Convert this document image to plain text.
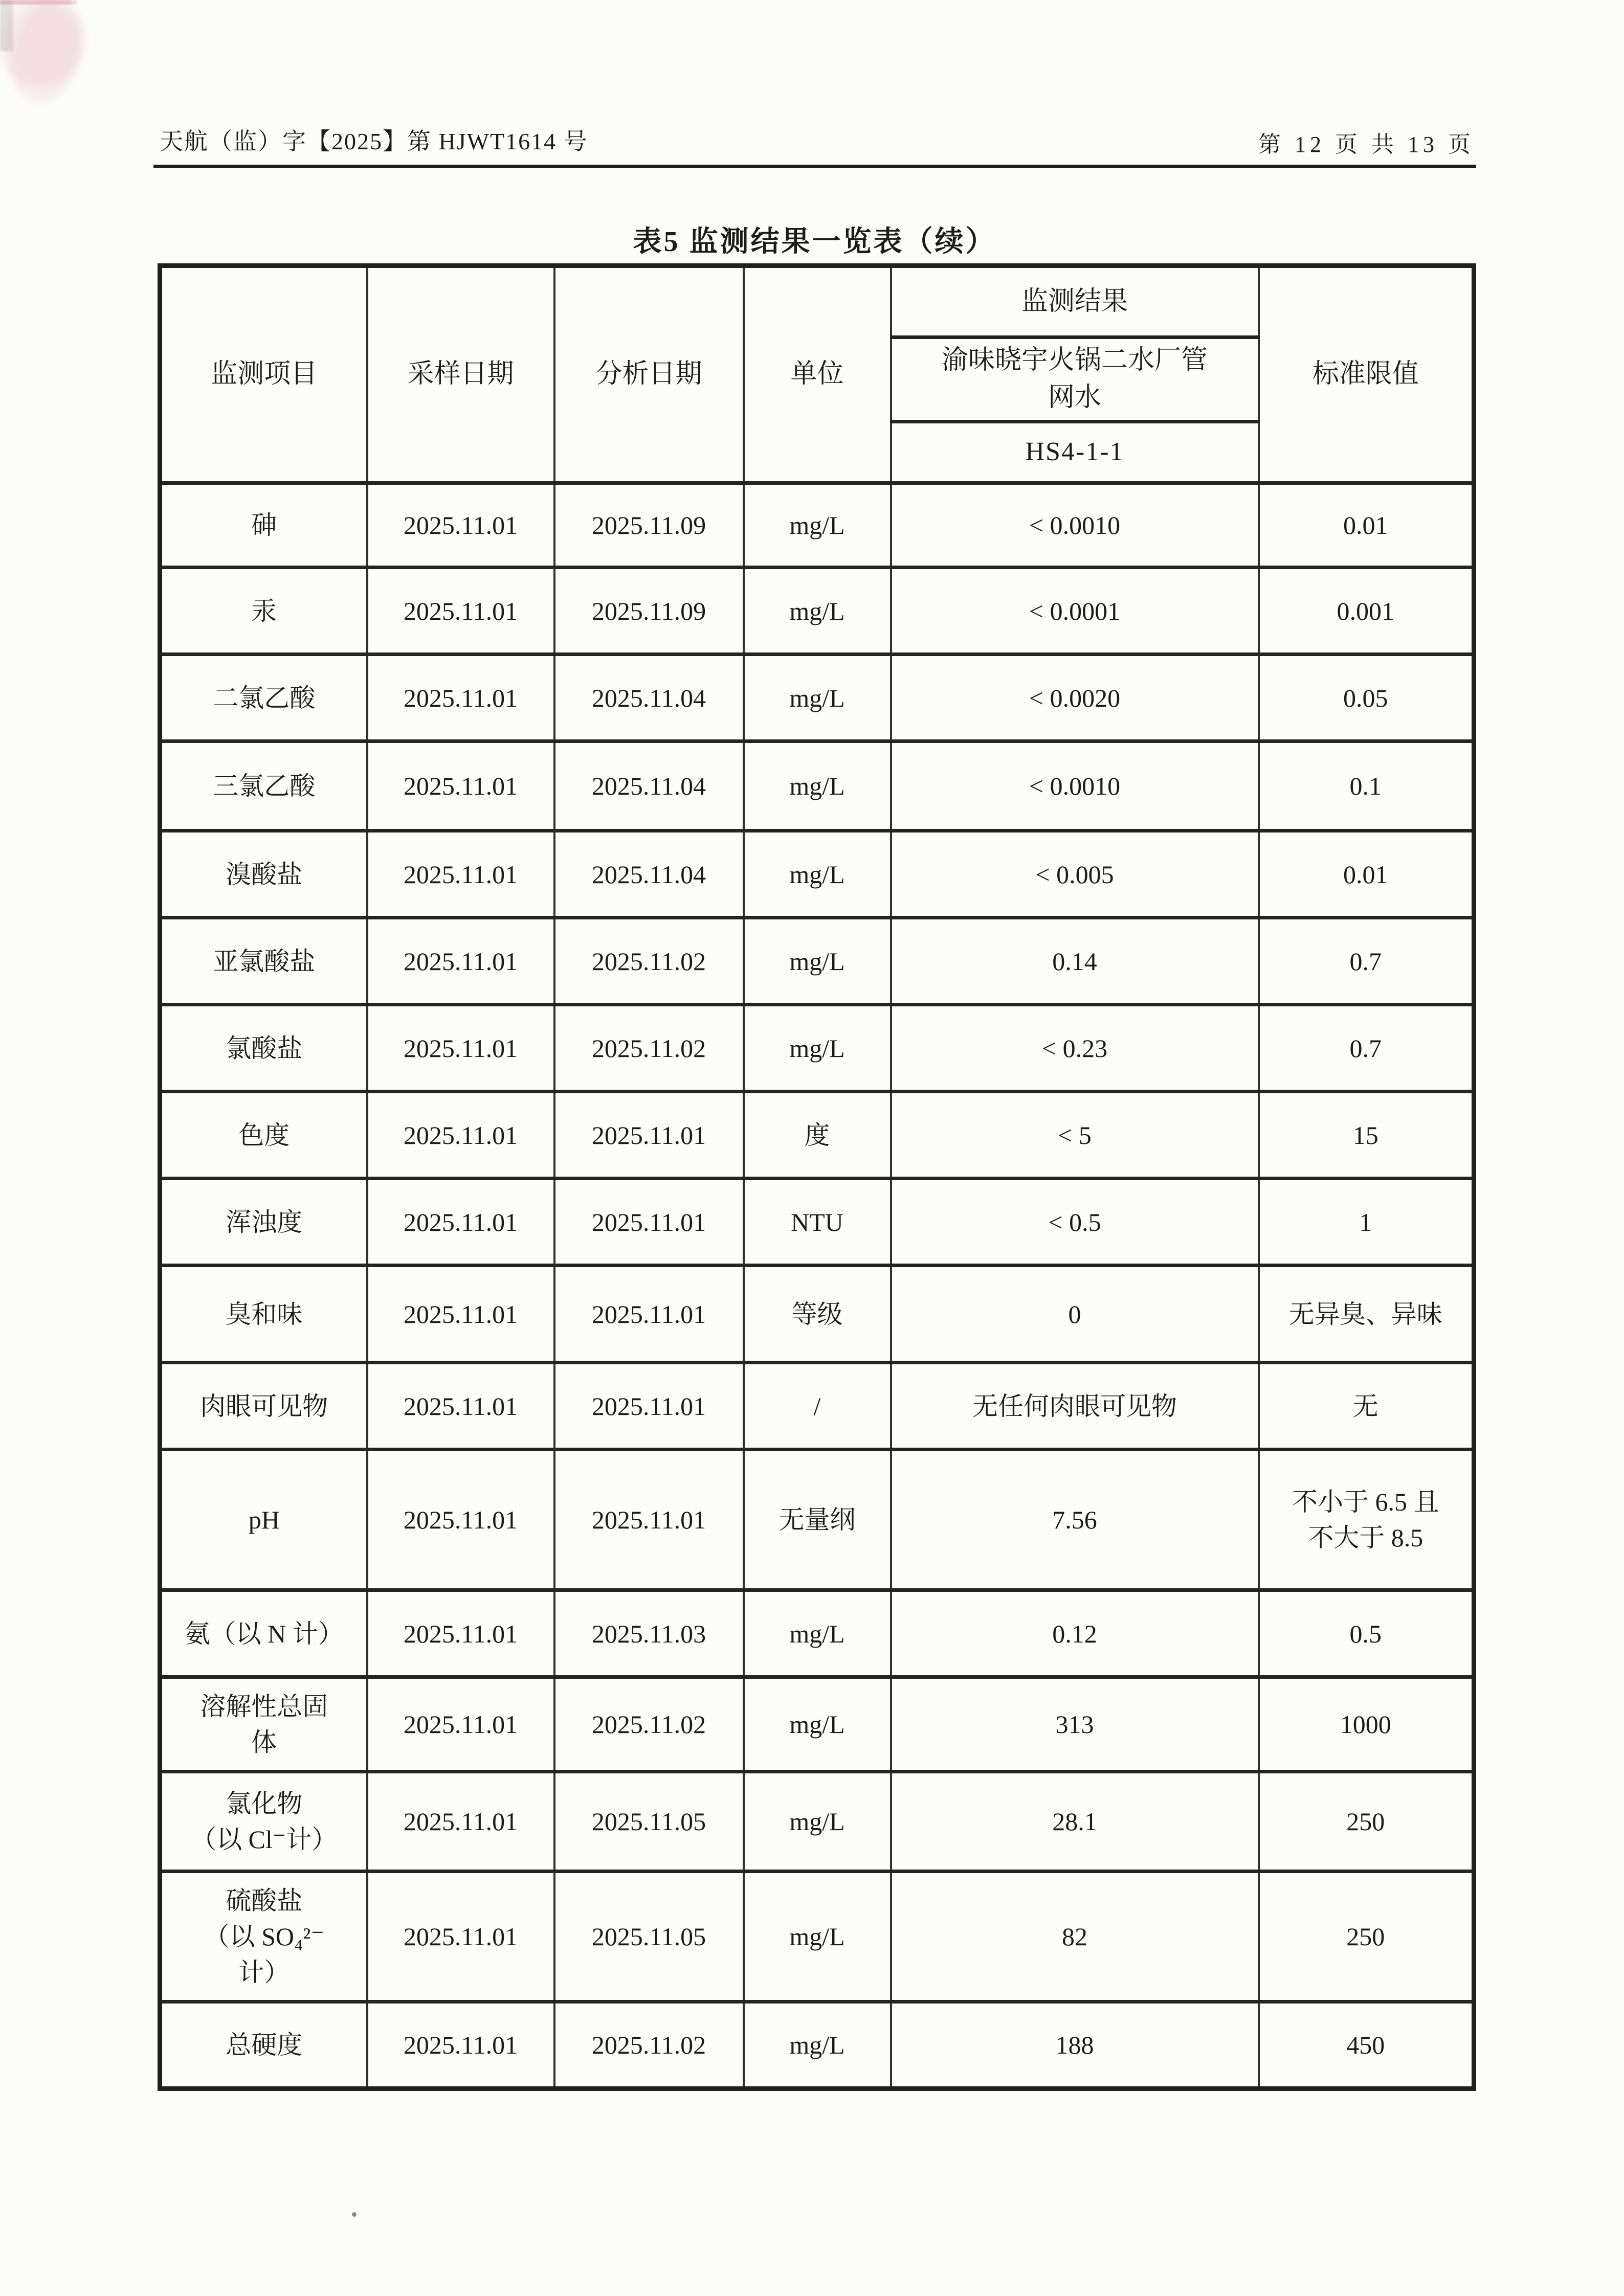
天航（监）字【2025】第 HJWT1614 号	第 12 页 共 13 页
表5 监测结果一览表（续）
监测项目	采样日期	分析日期	单位	监测结果	标准限值
				渝味晓宇火锅二水厂管
网水	
				HS4-1-1	
砷	2025.11.01	2025.11.09	mg/L	< 0.0010	0.01
汞	2025.11.01	2025.11.09	mg/L	< 0.0001	0.001
二氯乙酸	2025.11.01	2025.11.04	mg/L	< 0.0020	0.05
三氯乙酸	2025.11.01	2025.11.04	mg/L	< 0.0010	0.1
溴酸盐	2025.11.01	2025.11.04	mg/L	< 0.005	0.01
亚氯酸盐	2025.11.01	2025.11.02	mg/L	0.14	0.7
氯酸盐	2025.11.01	2025.11.02	mg/L	< 0.23	0.7
色度	2025.11.01	2025.11.01	度	< 5	15
浑浊度	2025.11.01	2025.11.01	NTU	< 0.5	1
臭和味	2025.11.01	2025.11.01	等级	0	无异臭、异味
肉眼可见物	2025.11.01	2025.11.01	/	无任何肉眼可见物	无
pH	2025.11.01	2025.11.01	无量纲	7.56	不小于 6.5 且
不大于 8.5
氨（以 N 计）	2025.11.01	2025.11.03	mg/L	0.12	0.5
溶解性总固
体	2025.11.01	2025.11.02	mg/L	313	1000
氯化物
（以 Cl⁻计）	2025.11.01	2025.11.05	mg/L	28.1	250
硫酸盐
（以 SO₄²⁻
计）	2025.11.01	2025.11.05	mg/L	82	250
总硬度	2025.11.01	2025.11.02	mg/L	188	450
